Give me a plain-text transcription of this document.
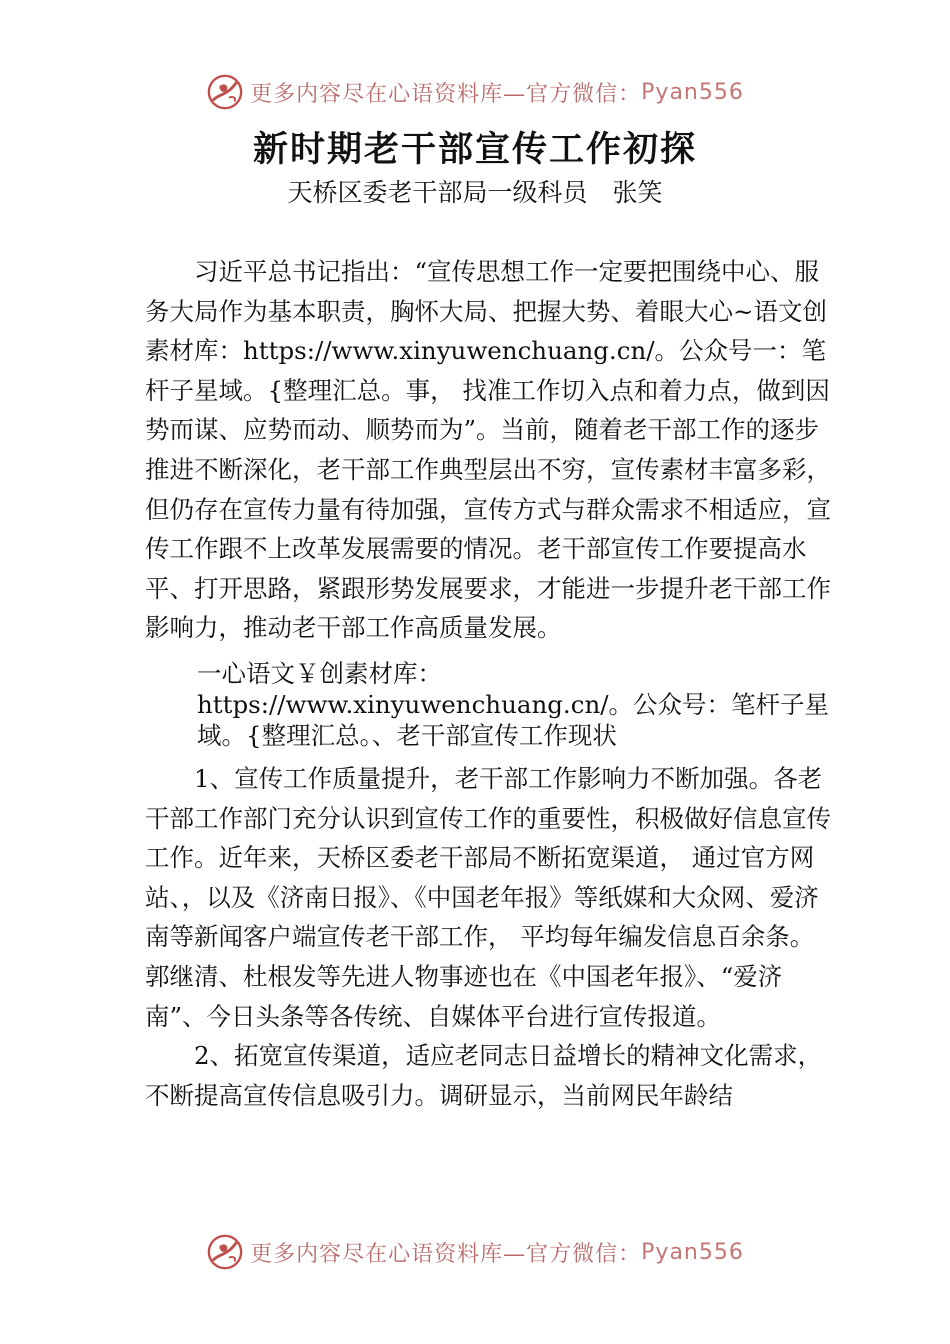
更多内容尽在心语资料库—官方微信： Pyan556
新时期老干部宣传工作初探
天桥区委老干部局一级科员　张笑

习近平总书记指出：“宣传思想工作一定要把围绕中心、服务大局作为基本职责，胸怀大局、把握大势、着眼大心~语文创素材库：https://www.xinyuwenchuang.cn/。公众号一：笔杆子星域。{整理汇总。事， 找准工作切入点和着力点，做到因势而谋、应势而动、顺势而为”。当前，随着老干部工作的逐步推进不断深化，老干部工作典型层出不穷，宣传素材丰富多彩，但仍存在宣传力量有待加强，宣传方式与群众需求不相适应，宣传工作跟不上改革发展需要的情况。老干部宣传工作要提高水平、打开思路，紧跟形势发展要求，才能进一步提升老干部工作影响力，推动老干部工作高质量发展。

一心语文￥创素材库：https://www.xinyuwenchuang.cn/。公众号：笔杆子星域。{整理汇总。、老干部宣传工作现状

1、宣传工作质量提升，老干部工作影响力不断加强。各老干部工作部门充分认识到宣传工作的重要性，积极做好信息宣传工作。近年来，天桥区委老干部局不断拓宽渠道， 通过官方网站、，以及《济南日报》、《中国老年报》等纸媒和大众网、爱济南等新闻客户端宣传老干部工作， 平均每年编发信息百余条。郭继清、杜根发等先进人物事迹也在《中国老年报》、“爱济南”、今日头条等各传统、自媒体平台进行宣传报道。

2、拓宽宣传渠道，适应老同志日益增长的精神文化需求，不断提高宣传信息吸引力。调研显示，当前网民年龄结

更多内容尽在心语资料库—官方微信： Pyan556
